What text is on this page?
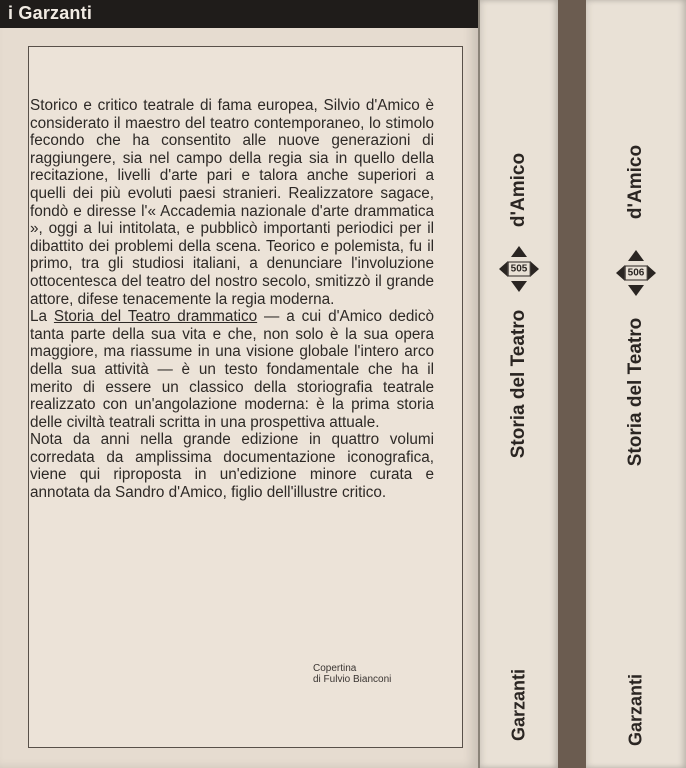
i Garzanti

Storico e critico teatrale di fama europea, Silvio d'Amico è considerato il maestro del teatro contemporaneo, lo stimolo fecondo che ha consentito alle nuove generazioni di raggiungere, sia nel campo della regia sia in quello della recitazione, livelli d'arte pari e talora anche superiori a quelli dei più evoluti paesi stranieri. Realizzatore sagace, fondò e diresse l'« Accademia nazionale d'arte drammatica », oggi a lui intitolata, e pubblicò importanti periodici per il dibattito dei problemi della scena. Teorico e polemista, fu il primo, tra gli studiosi italiani, a denunciare l'involuzione ottocentesca del teatro del nostro secolo, smitizzò il grande attore, difese tenacemente la regia moderna.

La Storia del Teatro drammatico — a cui d'Amico dedicò tanta parte della sua vita e che, non solo è la sua opera maggiore, ma riassume in una visione globale l'intero arco della sua attività — è un testo fondamentale che ha il merito di essere un classico della storiografia teatrale realizzato con un'angolazione moderna: è la prima storia delle civiltà teatrali scritta in una prospettiva attuale.

Nota da anni nella grande edizione in quattro volumi corredata da amplissima documentazione iconografica, viene qui riproposta in un'edizione minore curata e annotata da Sandro d'Amico, figlio dell'illustre critico.

Copertina
di Fulvio Bianconi
d'Amico
505
Storia del Teatro
Garzanti
d'Amico
506
Storia del Teatro
Garzanti
